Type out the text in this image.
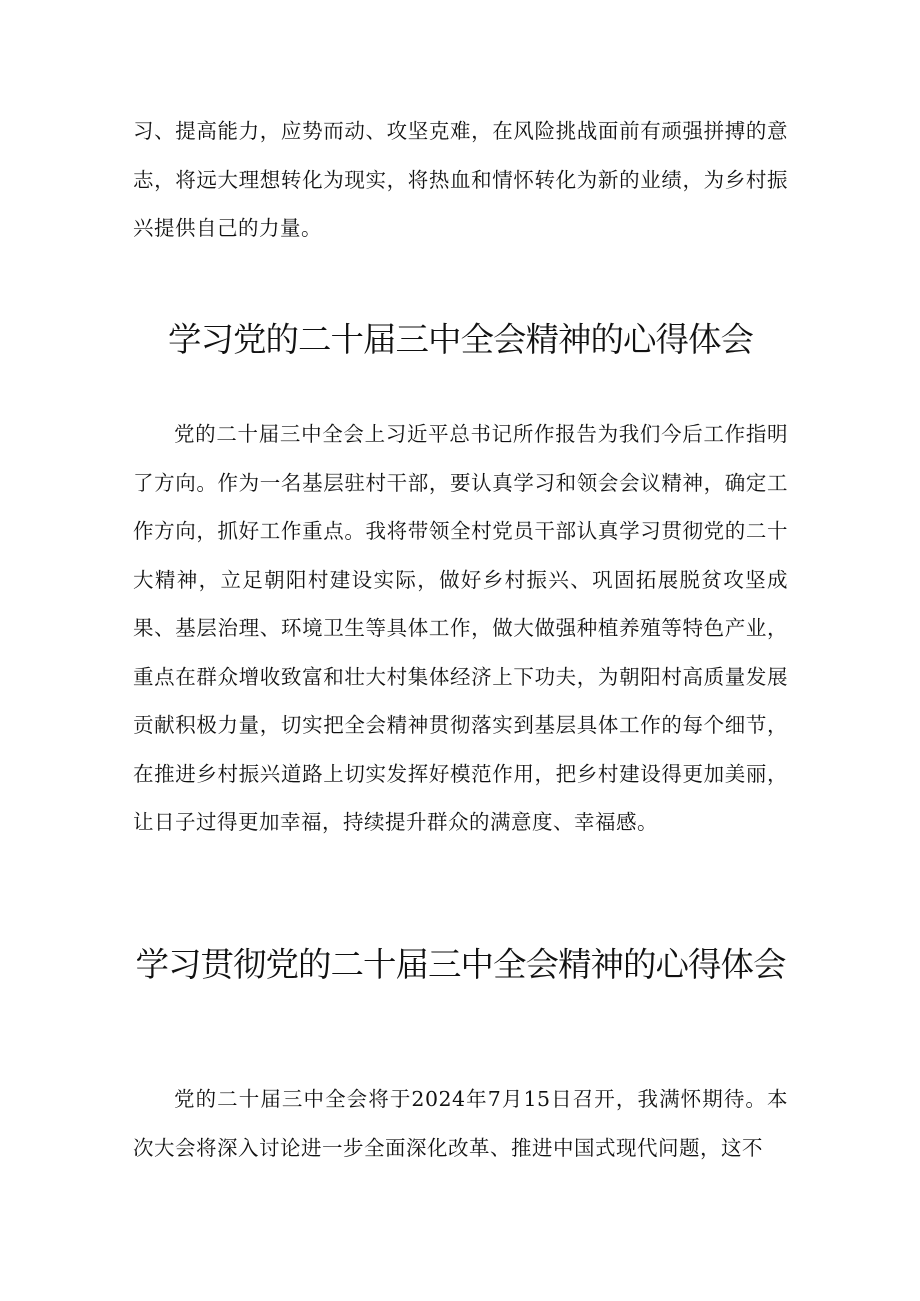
习、提高能力，应势而动、攻坚克难，在风险挑战面前有顽强拼搏的意志，将远大理想转化为现实，将热血和情怀转化为新的业绩，为乡村振兴提供自己的力量。

学习党的二十届三中全会精神的心得体会

党的二十届三中全会上习近平总书记所作报告为我们今后工作指明了方向。作为一名基层驻村干部，要认真学习和领会会议精神，确定工作方向，抓好工作重点。我将带领全村党员干部认真学习贯彻党的二十大精神，立足朝阳村建设实际，做好乡村振兴、巩固拓展脱贫攻坚成果、基层治理、环境卫生等具体工作，做大做强种植养殖等特色产业，重点在群众增收致富和壮大村集体经济上下功夫，为朝阳村高质量发展贡献积极力量，切实把全会精神贯彻落实到基层具体工作的每个细节，在推进乡村振兴道路上切实发挥好模范作用，把乡村建设得更加美丽，让日子过得更加幸福，持续提升群众的满意度、幸福感。

学习贯彻党的二十届三中全会精神的心得体会

党的二十届三中全会将于2024年7月15日召开，我满怀期待。本次大会将深入讨论进一步全面深化改革、推进中国式现代问题，这不
